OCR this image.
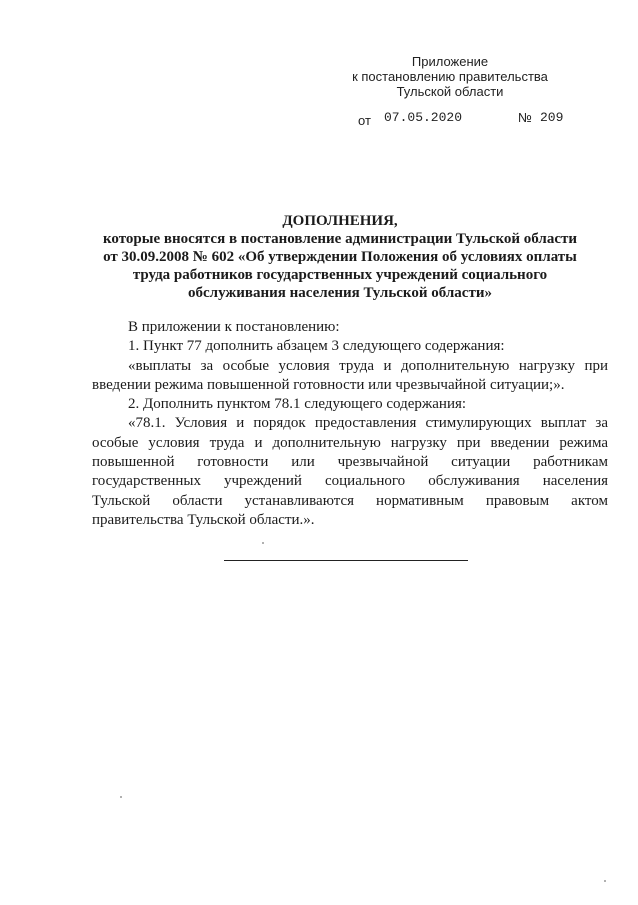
Приложение
к постановлению правительства
Тульской области
от 07.05.2020	№ 209
ДОПОЛНЕНИЯ,
которые вносятся в постановление администрации Тульской области
от 30.09.2008 № 602 «Об утверждении Положения об условиях оплаты
труда работников государственных учреждений социального
обслуживания населения Тульской области»
В приложении к постановлению:
1. Пункт 77 дополнить абзацем 3 следующего содержания:
«выплаты за особые условия труда и дополнительную нагрузку при
введении режима повышенной готовности или чрезвычайной ситуации;».
2. Дополнить пунктом 78.1 следующего содержания:
«78.1. Условия и порядок предоставления стимулирующих выплат за
особые условия труда и дополнительную нагрузку при введении режима
повышенной готовности или чрезвычайной ситуации работникам
государственных учреждений социального обслуживания населения
Тульской области устанавливаются нормативным правовым актом
правительства Тульской области.».
